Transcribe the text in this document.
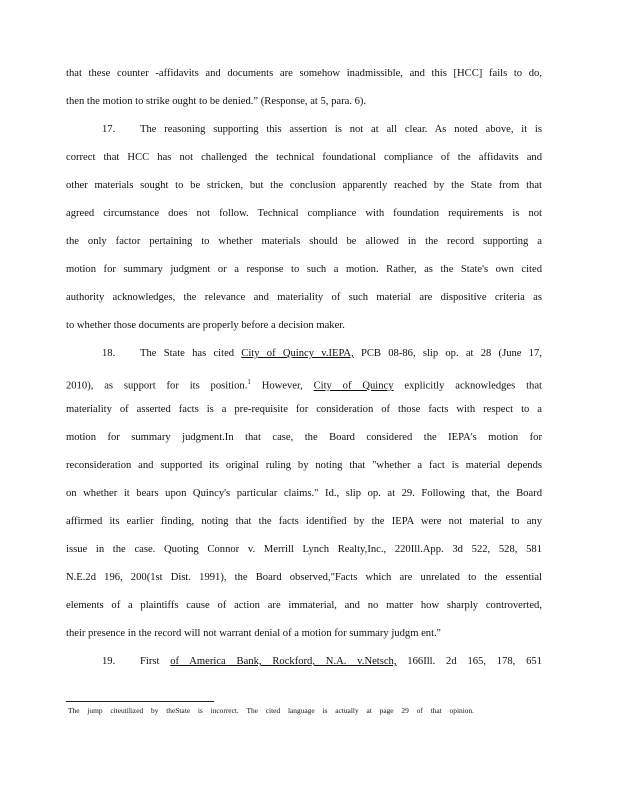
that these counter -affidavits and documents are somehow inadmissible, and this [HCC] fails to do,
then the motion to strike ought to be denied.” (Response, at 5, para. 6).
17. The reasoning supporting this assertion is not at all clear. As noted above, it is
correct that HCC has not challenged the technical foundational compliance of the affidavits and
other materials sought to be stricken, but the conclusion apparently reached by the State from that
agreed circumstance does not follow. Technical compliance with foundation requirements is not
the only factor pertaining to whether materials should be allowed in the record supporting a
motion for summary judgment or a response to such a motion. Rather, as the State's own cited
authority acknowledges, the relevance and materiality of such material are dispositive criteria as
to whether those documents are properly before a decision maker.
18. The State has cited City of Quincy v.IEPA, PCB 08-86, slip op. at 28 (June 17,
2010), as support for its position.$^1$ However, City of Quincy explicitly acknowledges that
materiality of asserted facts is a pre-requisite for consideration of those facts with respect to a
motion for summary judgment.In that case, the Board considered the IEPA's motion for
reconsideration and supported its original ruling by noting that "whether a fact is material depends
on whether it bears upon Quincy's particular claims." Id., slip op. at 29. Following that, the Board
affirmed its earlier finding, noting that the facts identified by the IEPA were not material to any
issue in the case. Quoting Connor v. Merrill Lynch Realty,Inc., 220Ill.App. 3d 522, 528, 581
N.E.2d 196, 200(1st Dist. 1991), the Board observed,"Facts which are unrelated to the essential
elements of a plaintiffs cause of action are immaterial, and no matter how sharply controverted,
their presence in the record will not warrant denial of a motion for summary judgm ent."
19. First of America Bank, Rockford, N.A. v.Netsch, 166Ill. 2d 165, 178, 651
The jump citeutilized by theState is incorrect. The cited language is actually at page 29 of that opinion.
